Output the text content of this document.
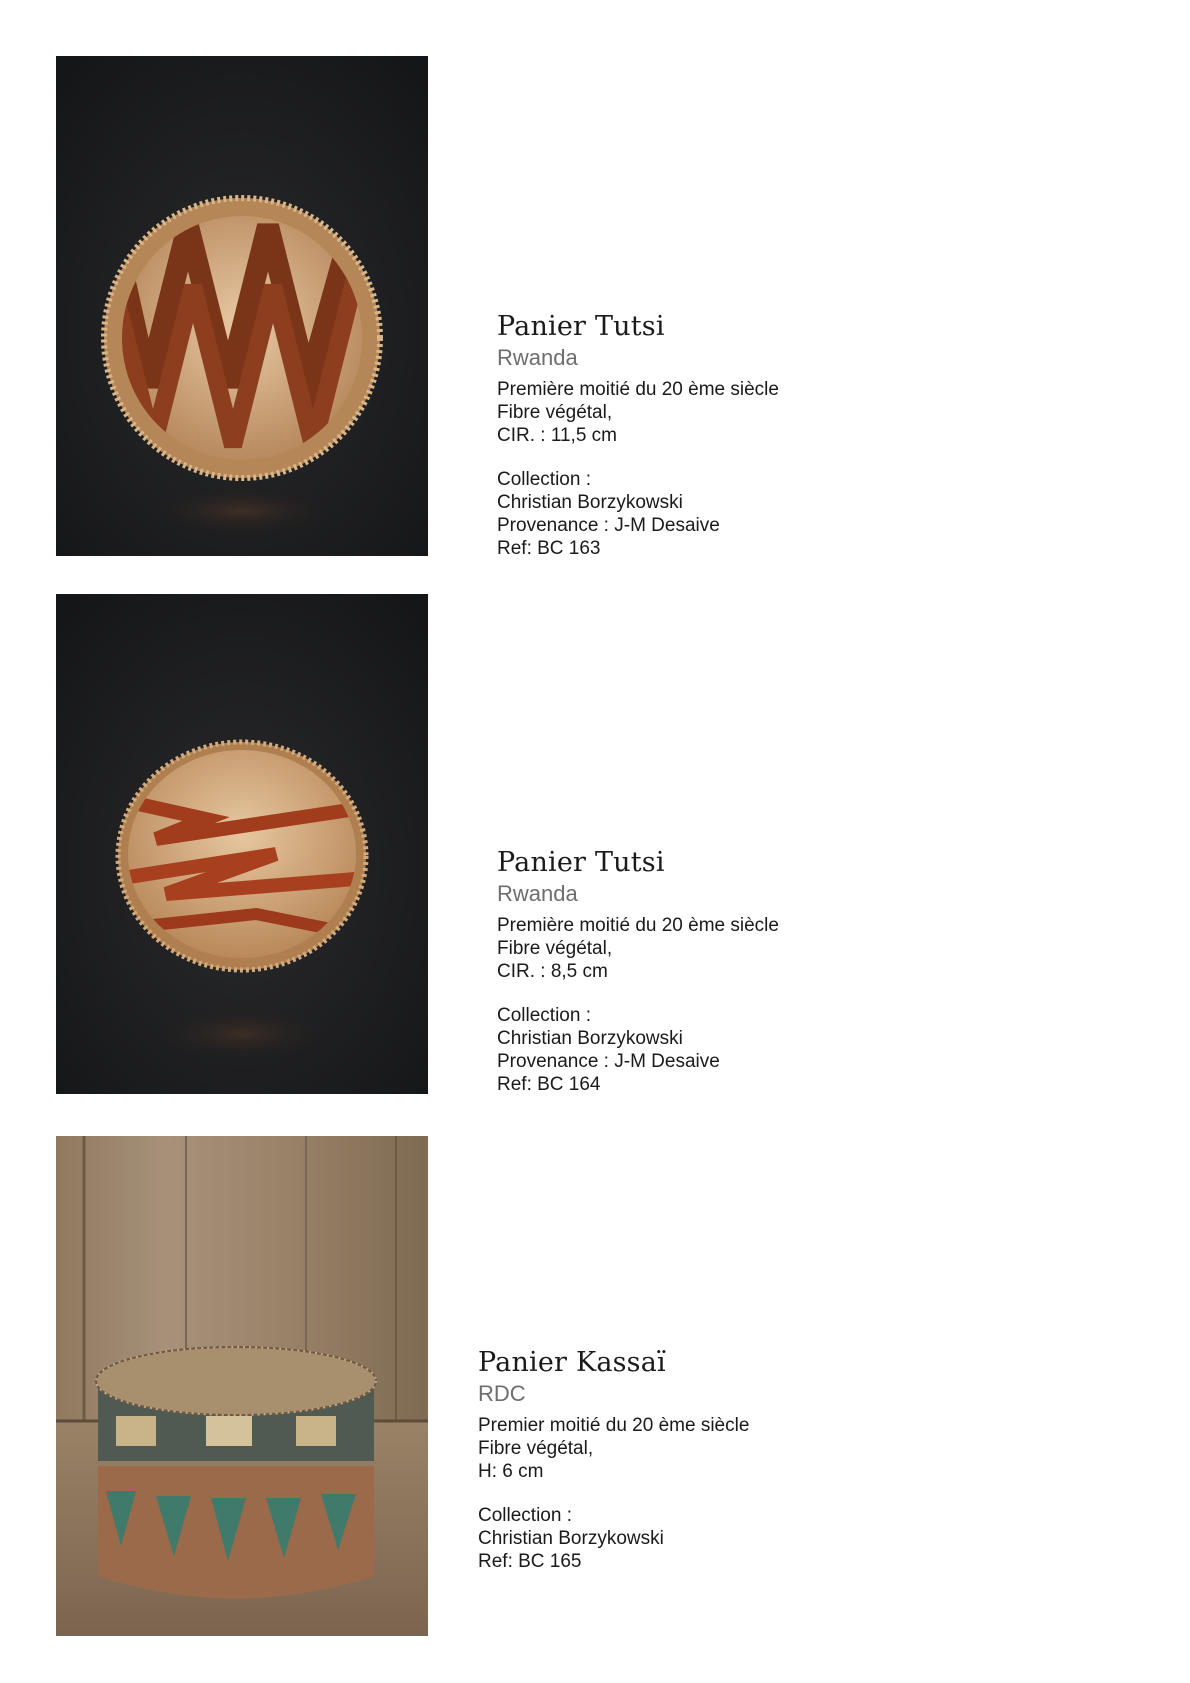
Panier Tutsi

Rwanda

Première moitié du 20 ème siècle

Fibre végétal,

CIR. : 11,5 cm

Collection :

Christian Borzykowski

Provenance : J-M Desaive

Ref: BC 163

Panier Tutsi

Rwanda

Première moitié du 20 ème siècle

Fibre végétal,

CIR. : 8,5 cm

Collection :

Christian Borzykowski

Provenance : J-M Desaive

Ref: BC 164

Panier Kassaï

RDC

Premier moitié du 20 ème siècle

Fibre végétal,

H: 6 cm

Collection :

Christian Borzykowski

Ref: BC 165
